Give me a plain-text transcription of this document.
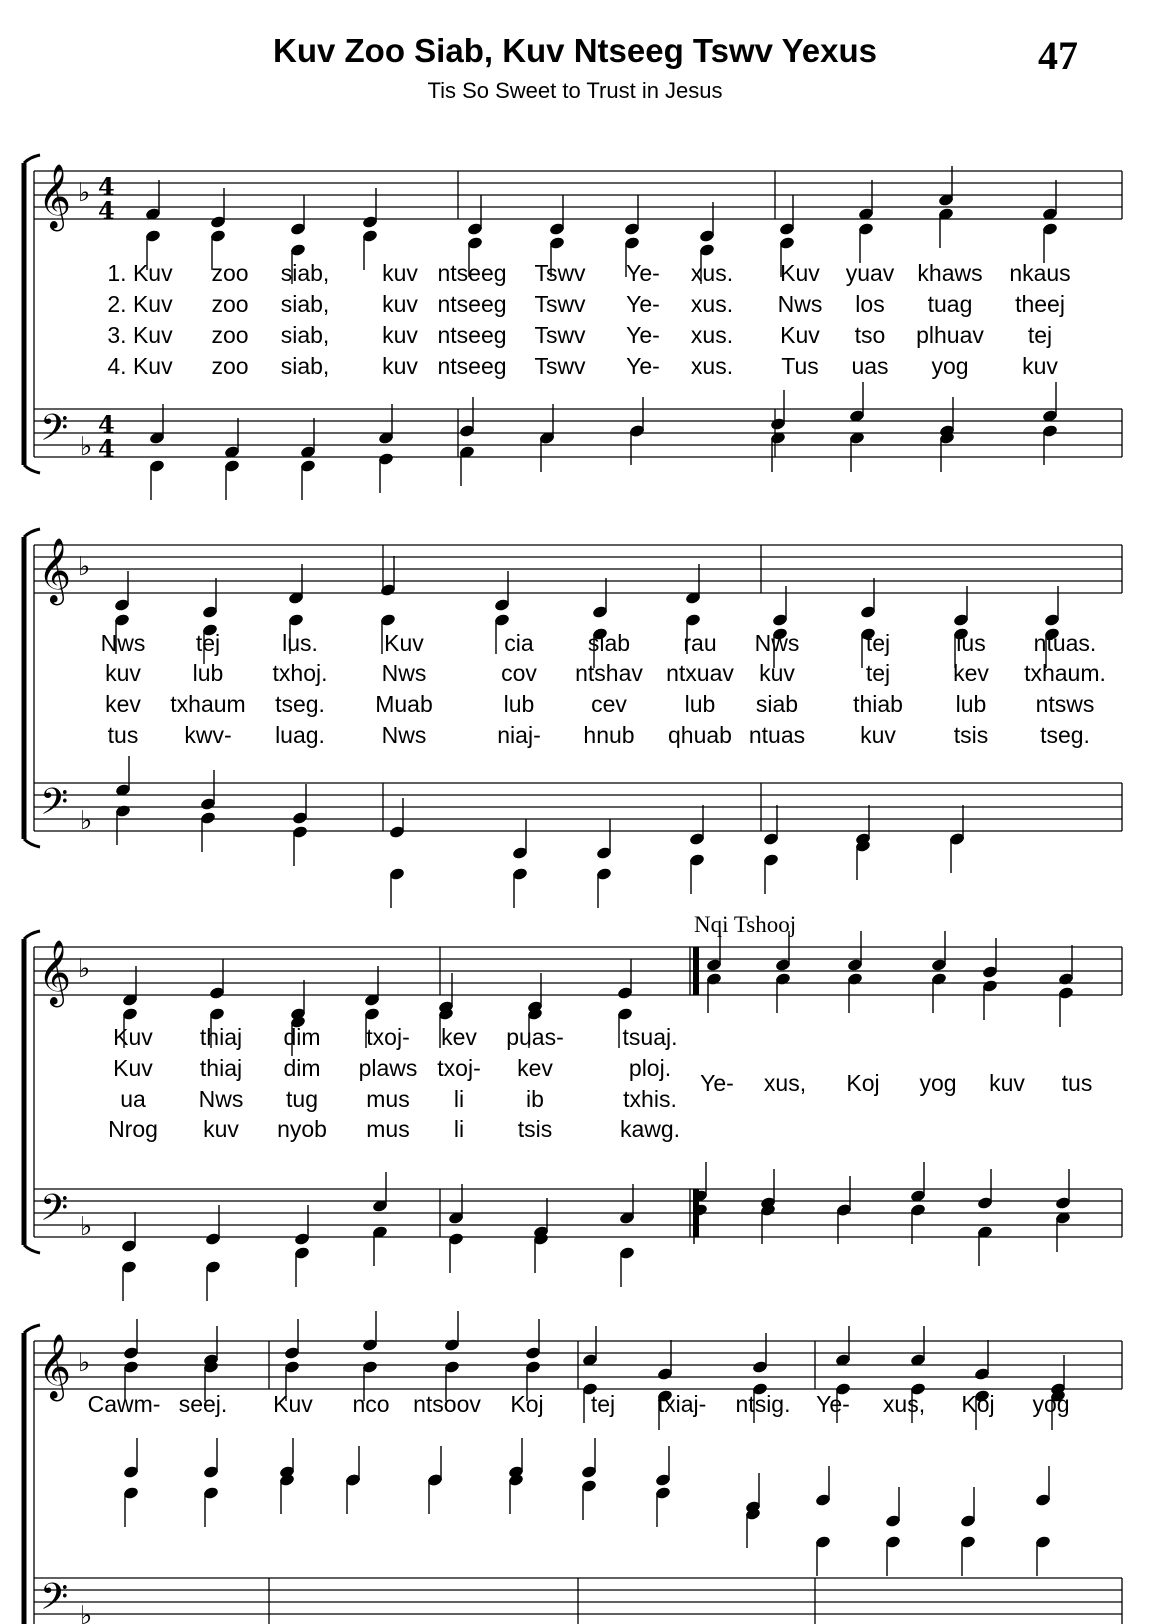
Kuv Zoo Siab, Kuv Ntseeg Tswv Yexus
Tis So Sweet to Trust in Jesus
47
𝄞
𝄢
♭
♭
4
4
4
4
𝄞
𝄢
♭
♭
𝄞
𝄢
♭
♭
𝄞
𝄢
♭
♭
1. Kuv zoo siab, kuv ntseeg Tswv Ye- xus. Kuv yuav khaws nkaus
2. Kuv zoo siab, kuv ntseeg Tswv Ye- xus. Nws los tuag theej
3. Kuv zoo siab, kuv ntseeg Tswv Ye- xus. Kuv tso plhuav tej
4. Kuv zoo siab, kuv ntseeg Tswv Ye- xus. Tus uas yog kuv
Nws tej	lus.	Kuv	cia siab rau Nws	tej	lus ntuas.
kuv lub txhoj. Nws	cov ntshav ntxuav kuv	tej	kev txhaum.
kev txhaum tseg. Muab	lub cev	lub siab thiab lub ntsws
tus kwv- luag. Nws	niaj- hnub qhuab ntuas kuv	tsis tseg.
Kuv thiaj dim txoj- kev puas-	tsuaj.
Kuv thiaj dim plaws txoj- kev	ploj.
ua Nws tug mus li	ib	txhis.
Nrog kuv nyob mus li tsis	kawg.
Ye- xus, Koj yog kuv tus
Cawm- seej. Kuv nco ntsoov Koj tej txiaj- ntsig. Ye- xus, Koj yog
Nqi Tshooj
